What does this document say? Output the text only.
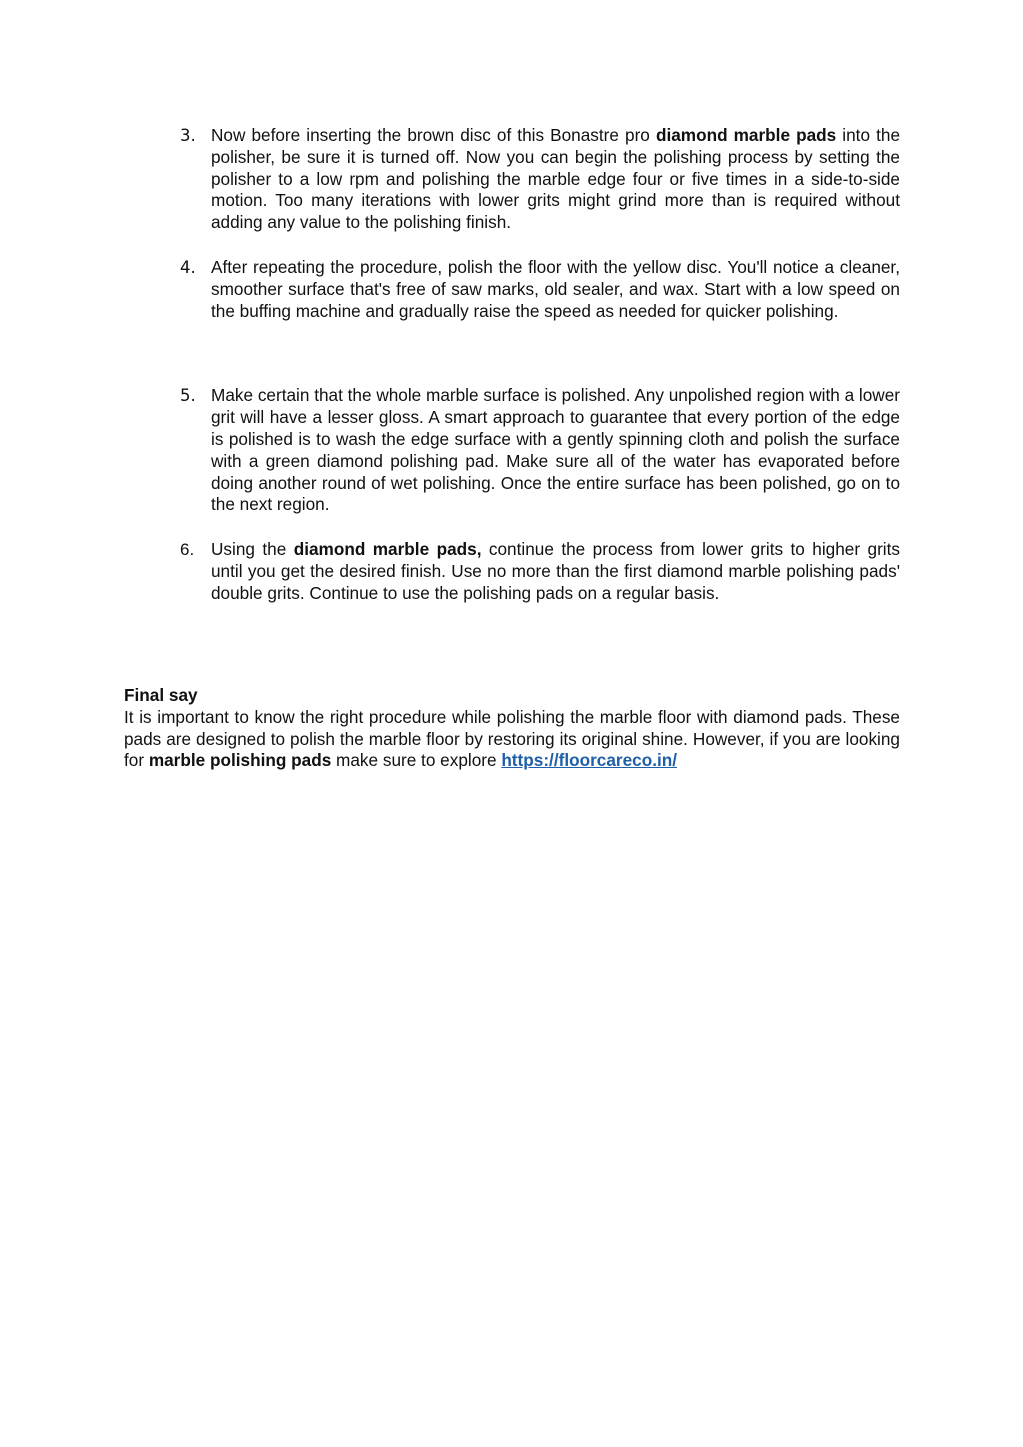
3. Now before inserting the brown disc of this Bonastre pro diamond marble pads into the polisher, be sure it is turned off. Now you can begin the polishing process by setting the polisher to a low rpm and polishing the marble edge four or five times in a side-to-side motion. Too many iterations with lower grits might grind more than is required without adding any value to the polishing finish.
4. After repeating the procedure, polish the floor with the yellow disc. You'll notice a cleaner, smoother surface that's free of saw marks, old sealer, and wax. Start with a low speed on the buffing machine and gradually raise the speed as needed for quicker polishing.
5. Make certain that the whole marble surface is polished. Any unpolished region with a lower grit will have a lesser gloss. A smart approach to guarantee that every portion of the edge is polished is to wash the edge surface with a gently spinning cloth and polish the surface with a green diamond polishing pad. Make sure all of the water has evaporated before doing another round of wet polishing. Once the entire surface has been polished, go on to the next region.
6. Using the diamond marble pads, continue the process from lower grits to higher grits until you get the desired finish. Use no more than the first diamond marble polishing pads' double grits. Continue to use the polishing pads on a regular basis.
Final say
It is important to know the right procedure while polishing the marble floor with diamond pads. These pads are designed to polish the marble floor by restoring its original shine. However, if you are looking for marble polishing pads make sure to explore https://floorcareco.in/
